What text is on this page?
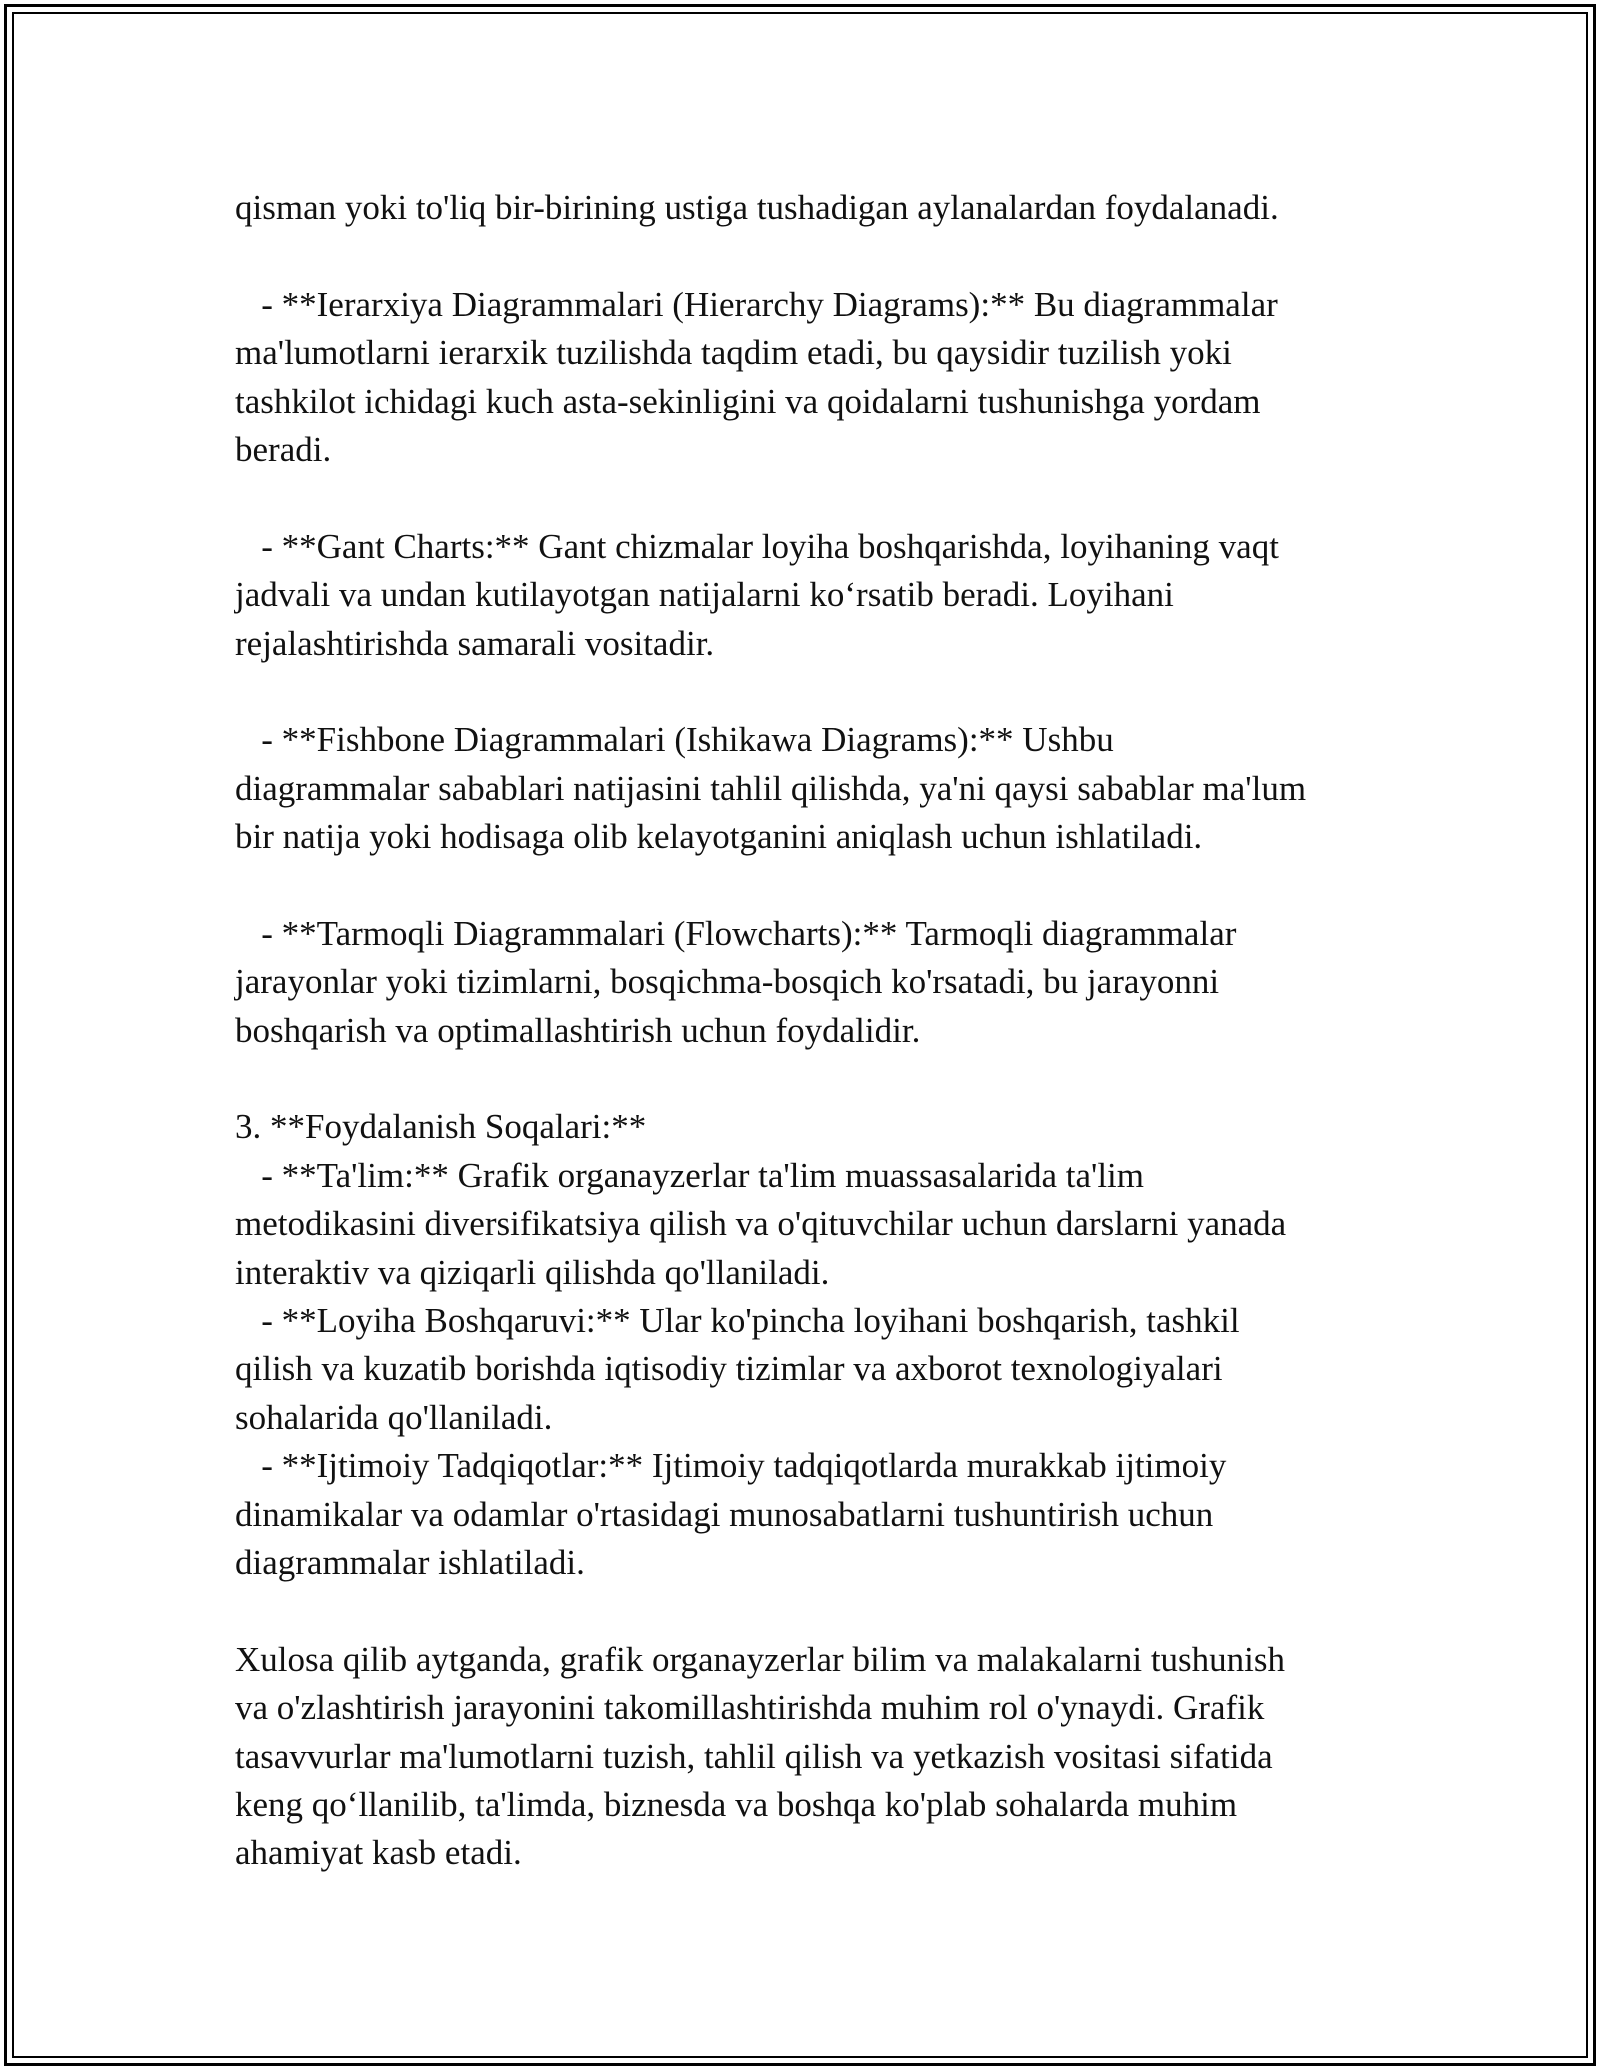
qisman yoki to'liq bir-birining ustiga tushadigan aylanalardan foydalanadi.
- **Ierarxiya Diagrammalari (Hierarchy Diagrams):** Bu diagrammalar
ma'lumotlarni ierarxik tuzilishda taqdim etadi, bu qaysidir tuzilish yoki
tashkilot ichidagi kuch asta-sekinligini va qoidalarni tushunishga yordam
beradi.
- **Gant Charts:** Gant chizmalar loyiha boshqarishda, loyihaning vaqt
jadvali va undan kutilayotgan natijalarni ko‘rsatib beradi. Loyihani
rejalashtirishda samarali vositadir.
- **Fishbone Diagrammalari (Ishikawa Diagrams):** Ushbu
diagrammalar sabablari natijasini tahlil qilishda, ya'ni qaysi sabablar ma'lum
bir natija yoki hodisaga olib kelayotganini aniqlash uchun ishlatiladi.
- **Tarmoqli Diagrammalari (Flowcharts):** Tarmoqli diagrammalar
jarayonlar yoki tizimlarni, bosqichma-bosqich ko'rsatadi, bu jarayonni
boshqarish va optimallashtirish uchun foydalidir.
3. **Foydalanish Soqalari:**
- **Ta'lim:** Grafik organayzerlar ta'lim muassasalarida ta'lim
metodikasini diversifikatsiya qilish va o'qituvchilar uchun darslarni yanada
interaktiv va qiziqarli qilishda qo'llaniladi.
- **Loyiha Boshqaruvi:** Ular ko'pincha loyihani boshqarish, tashkil
qilish va kuzatib borishda iqtisodiy tizimlar va axborot texnologiyalari
sohalarida qo'llaniladi.
- **Ijtimoiy Tadqiqotlar:** Ijtimoiy tadqiqotlarda murakkab ijtimoiy
dinamikalar va odamlar o'rtasidagi munosabatlarni tushuntirish uchun
diagrammalar ishlatiladi.
Xulosa qilib aytganda, grafik organayzerlar bilim va malakalarni tushunish
va o'zlashtirish jarayonini takomillashtirishda muhim rol o'ynaydi. Grafik
tasavvurlar ma'lumotlarni tuzish, tahlil qilish va yetkazish vositasi sifatida
keng qo‘llanilib, ta'limda, biznesda va boshqa ko'plab sohalarda muhim
ahamiyat kasb etadi.
